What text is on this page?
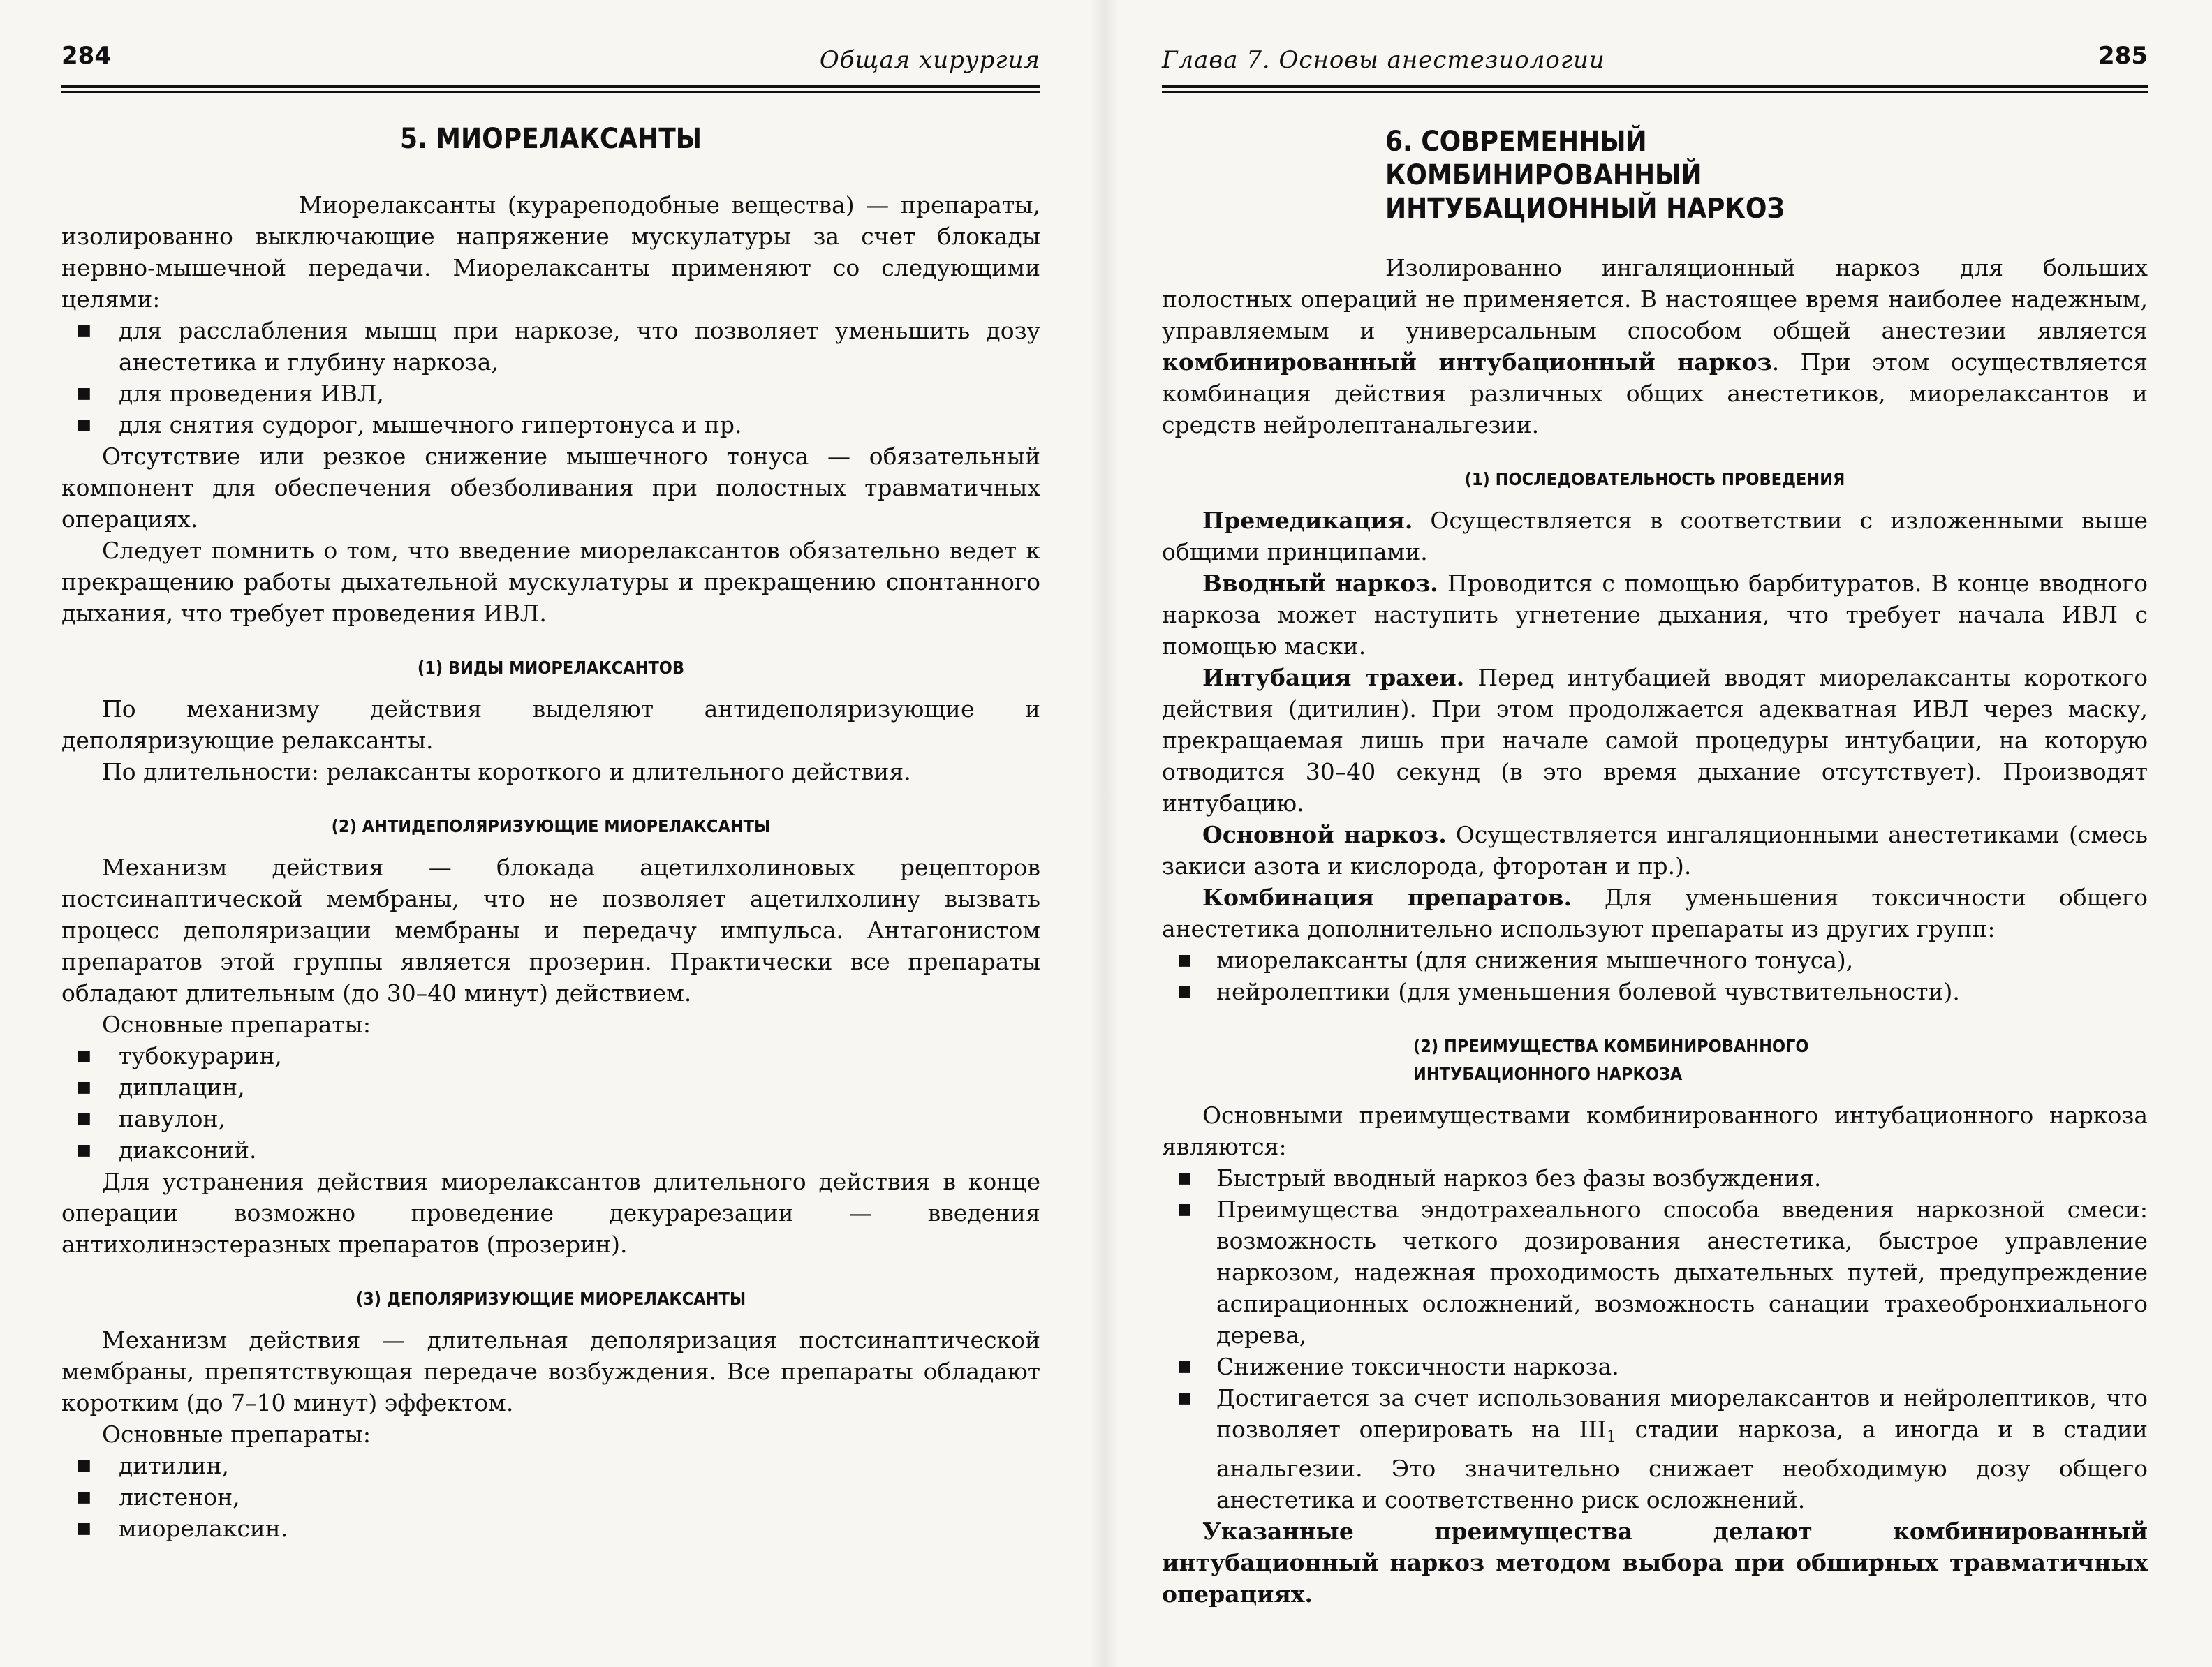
284	Общая хирургия
5. МИОРЕЛАКСАНТЫ

Миорелаксанты (курареподобные вещества) — препараты, изолированно выключающие напряжение мускулатуры за счет блокады нервно-мышечной передачи. Миорелаксанты применяют со следующими целями:

■ для расслабления мышц при наркозе, что позволяет уменьшить дозу анестетика и глубину наркоза,
■ для проведения ИВЛ,
■ для снятия судорог, мышечного гипертонуса и пр.

Отсутствие или резкое снижение мышечного тонуса — обязательный компонент для обеспечения обезболивания при полостных травматичных операциях.

Следует помнить о том, что введение миорелаксантов обязательно ведет к прекращению работы дыхательной мускулатуры и прекращению спонтанного дыхания, что требует проведения ИВЛ.

(1) ВИДЫ МИОРЕЛАКСАНТОВ

По механизму действия выделяют антидеполяризующие и деполяризующие релаксанты.

По длительности: релаксанты короткого и длительного действия.

(2) АНТИДЕПОЛЯРИЗУЮЩИЕ МИОРЕЛАКСАНТЫ

Механизм действия — блокада ацетилхолиновых рецепторов постсинаптической мембраны, что не позволяет ацетилхолину вызвать процесс деполяризации мембраны и передачу импульса. Антагонистом препаратов этой группы является прозерин. Практически все препараты обладают длительным (до 30–40 минут) действием.

Основные препараты:

■ тубокурарин,
■ диплацин,
■ павулон,
■ диаксоний.

Для устранения действия миорелаксантов длительного действия в конце операции возможно проведение декурарезации — введения антихолинэстеразных препаратов (прозерин).

(3) ДЕПОЛЯРИЗУЮЩИЕ МИОРЕЛАКСАНТЫ

Механизм действия — длительная деполяризация постсинаптической мембраны, препятствующая передаче возбуждения. Все препараты обладают коротким (до 7–10 минут) эффектом.

Основные препараты:

■ дитилин,
■ листенон,
■ миорелаксин.
Глава 7. Основы анестезиологии	285
6. СОВРЕМЕННЫЙ
КОМБИНИРОВАННЫЙ
ИНТУБАЦИОННЫЙ НАРКОЗ

Изолированно ингаляционный наркоз для больших полостных операций не применяется. В настоящее время наиболее надежным, управляемым и универсальным способом общей анестезии является комбинированный интубационный наркоз. При этом осуществляется комбинация действия различных общих анестетиков, миорелаксантов и средств нейролептанальгезии.

(1) ПОСЛЕДОВАТЕЛЬНОСТЬ ПРОВЕДЕНИЯ

Премедикация. Осуществляется в соответствии с изложенными выше общими принципами.

Вводный наркоз. Проводится с помощью барбитуратов. В конце вводного наркоза может наступить угнетение дыхания, что требует начала ИВЛ с помощью маски.

Интубация трахеи. Перед интубацией вводят миорелаксанты короткого действия (дитилин). При этом продолжается адекватная ИВЛ через маску, прекращаемая лишь при начале самой процедуры интубации, на которую отводится 30–40 секунд (в это время дыхание отсутствует). Производят интубацию.

Основной наркоз. Осуществляется ингаляционными анестетиками (смесь закиси азота и кислорода, фторотан и пр.).

Комбинация препаратов. Для уменьшения токсичности общего анестетика дополнительно используют препараты из других групп:

■ миорелаксанты (для снижения мышечного тонуса),
■ нейролептики (для уменьшения болевой чувствительности).
(2) ПРЕИМУЩЕСТВА КОМБИНИРОВАННОГО
ИНТУБАЦИОННОГО НАРКОЗА

Основными преимуществами комбинированного интубационного наркоза являются:

■ Быстрый вводный наркоз без фазы возбуждения.
■ Преимущества эндотрахеального способа введения наркозной смеси: возможность четкого дозирования анестетика, быстрое управление наркозом, надежная проходимость дыхательных путей, предупреждение аспирационных осложнений, возможность санации трахеобронхиального дерева,
■ Снижение токсичности наркоза.
■ Достигается за счет использования миорелаксантов и нейролептиков, что позволяет оперировать на III1 стадии наркоза, а иногда и в стадии анальгезии. Это значительно снижает необходимую дозу общего анестетика и соответственно риск осложнений.

Указанные преимущества делают комбинированный интубационный наркоз методом выбора при обширных травматичных операциях.
